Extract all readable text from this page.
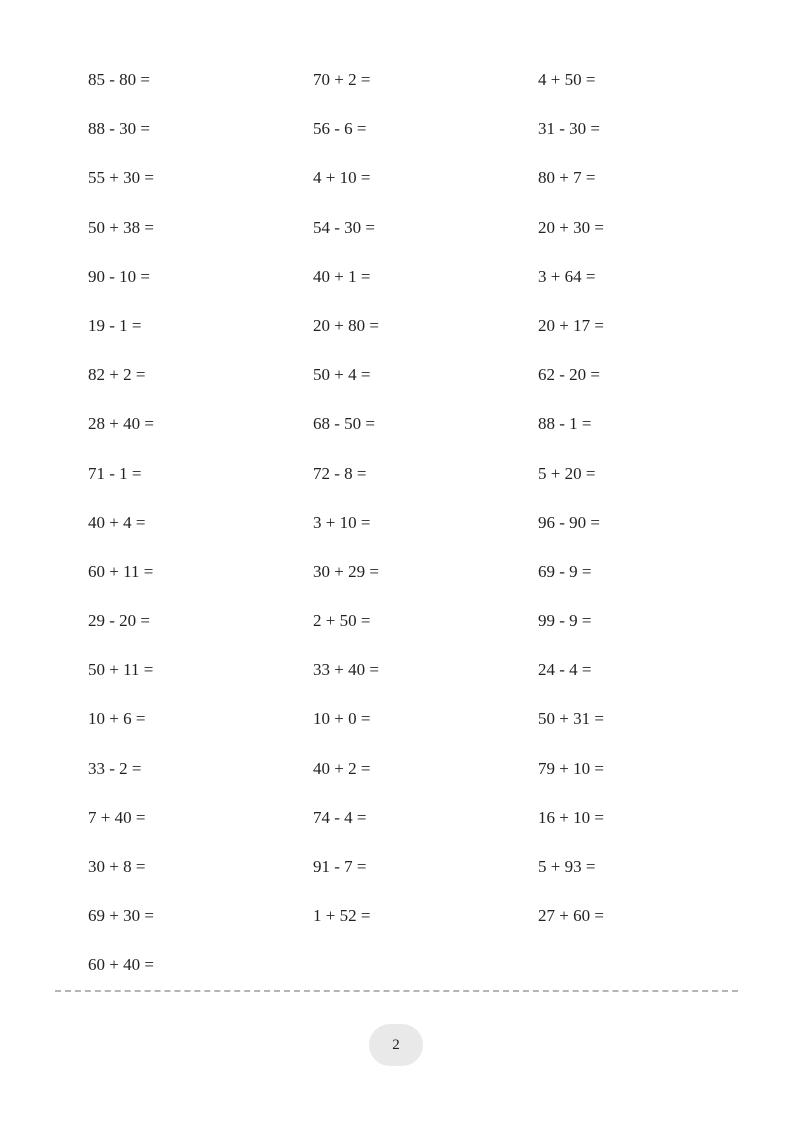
85 - 80 =	70 + 2 =	4 + 50 =
88 - 30 =	56 - 6 =	31 - 30 =
55 + 30 =	4 + 10 =	80 + 7 =
50 + 38 =	54 - 30 =	20 + 30 =
90 - 10 =	40 + 1 =	3 + 64 =
19 - 1 =	20 + 80 =	20 + 17 =
82 + 2 =	50 + 4 =	62 - 20 =
28 + 40 =	68 - 50 =	88 - 1 =
71 - 1 =	72 - 8 =	5 + 20 =
40 + 4 =	3 + 10 =	96 - 90 =
60 + 11 =	30 + 29 =	69 - 9 =
29 - 20 =	2 + 50 =	99 - 9 =
50 + 11 =	33 + 40 =	24 - 4 =
10 + 6 =	10 + 0 =	50 + 31 =
33 - 2 =	40 + 2 =	79 + 10 =
7 + 40 =	74 - 4 =	16 + 10 =
30 + 8 =	91 - 7 =	5 + 93 =
69 + 30 =	1 + 52 =	27 + 60 =
60 + 40 =
2
